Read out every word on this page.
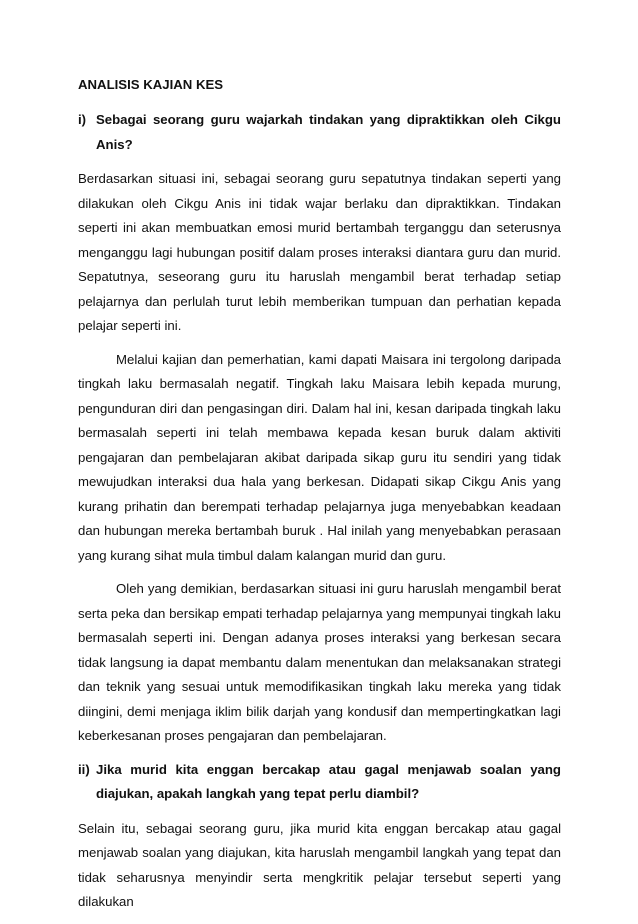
ANALISIS KAJIAN KES
i) Sebagai seorang guru wajarkah tindakan yang dipraktikkan oleh Cikgu Anis?

Berdasarkan situasi ini, sebagai seorang guru sepatutnya tindakan seperti yang dilakukan oleh Cikgu Anis ini tidak wajar berlaku dan dipraktikkan. Tindakan seperti ini akan membuatkan emosi murid bertambah terganggu dan seterusnya menganggu lagi hubungan positif dalam proses interaksi diantara guru dan murid. Sepatutnya, seseorang guru itu haruslah mengambil berat terhadap setiap pelajarnya dan perlulah turut lebih memberikan tumpuan dan perhatian kepada pelajar seperti ini.

Melalui kajian dan pemerhatian, kami dapati Maisara ini tergolong daripada tingkah laku bermasalah negatif. Tingkah laku Maisara lebih kepada murung, pengunduran diri dan pengasingan diri. Dalam hal ini, kesan daripada tingkah laku bermasalah seperti ini telah membawa kepada kesan buruk dalam aktiviti pengajaran dan pembelajaran akibat daripada sikap guru itu sendiri yang tidak mewujudkan interaksi dua hala yang berkesan. Didapati sikap Cikgu Anis yang kurang prihatin dan berempati terhadap pelajarnya juga menyebabkan keadaan dan hubungan mereka bertambah buruk . Hal inilah yang menyebabkan perasaan yang kurang sihat mula timbul dalam kalangan murid dan guru.

Oleh yang demikian, berdasarkan situasi ini guru haruslah mengambil berat serta peka dan bersikap empati terhadap pelajarnya yang mempunyai tingkah laku bermasalah seperti ini. Dengan adanya proses interaksi yang berkesan secara tidak langsung ia dapat membantu dalam menentukan dan melaksanakan strategi dan teknik yang sesuai untuk memodifikasikan tingkah laku mereka yang tidak diingini, demi menjaga iklim bilik darjah yang kondusif dan mempertingkatkan lagi keberkesanan proses pengajaran dan pembelajaran.

ii) Jika murid kita enggan bercakap atau gagal menjawab soalan yang diajukan, apakah langkah yang tepat perlu diambil?

Selain itu, sebagai seorang guru, jika murid kita enggan bercakap atau gagal menjawab soalan yang diajukan, kita haruslah mengambil langkah yang tepat dan tidak seharusnya menyindir serta mengkritik pelajar tersebut seperti yang dilakukan
